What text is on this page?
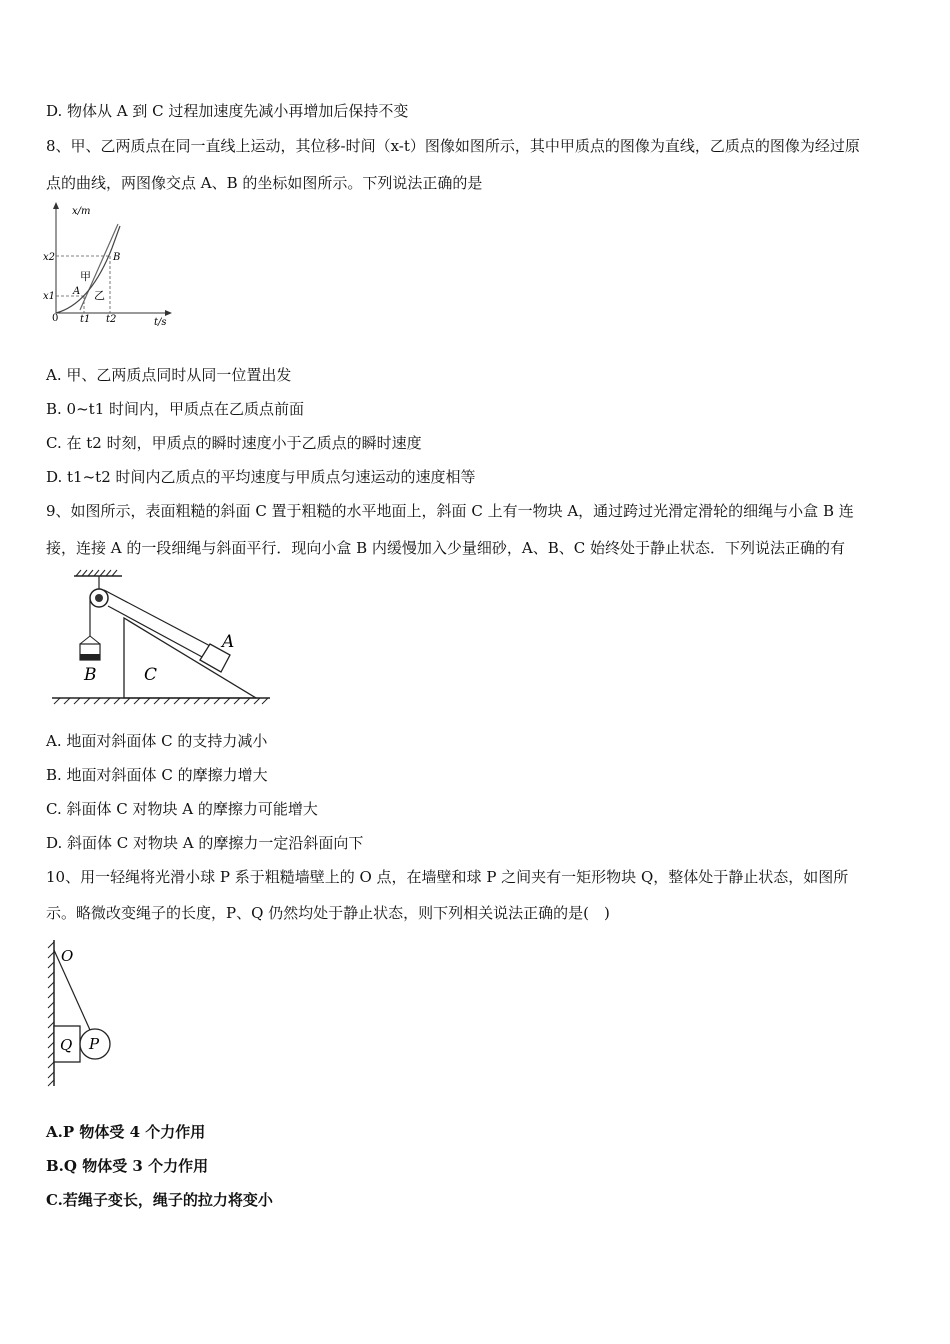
D. 物体从 A 到 C 过程加速度先减小再增加后保持不变
8、甲、乙两质点在同一直线上运动，其位移-时间（x-t）图像如图所示，其中甲质点的图像为直线，乙质点的图像为经过原
点的曲线，两图像交点 A、B 的坐标如图所示。下列说法正确的是
x/m
t/s
x2
x1
0 t1 t2
A
B
甲
乙
A. 甲、乙两质点同时从同一位置出发
B. 0~t1 时间内，甲质点在乙质点前面
C. 在 t2 时刻，甲质点的瞬时速度小于乙质点的瞬时速度
D. t1~t2 时间内乙质点的平均速度与甲质点匀速运动的速度相等
9、如图所示，表面粗糙的斜面 C 置于粗糙的水平地面上，斜面 C 上有一物块 A，通过跨过光滑定滑轮的细绳与小盒 B 连
接，连接 A 的一段细绳与斜面平行．现向小盒 B 内缓慢加入少量细砂，A、B、C 始终处于静止状态．下列说法正确的有
A
B	C
A. 地面对斜面体 C 的支持力减小
B. 地面对斜面体 C 的摩擦力增大
C. 斜面体 C 对物块 A 的摩擦力可能增大
D. 斜面体 C 对物块 A 的摩擦力一定沿斜面向下
10、用一轻绳将光滑小球 P 系于粗糙墙壁上的 O 点，在墙壁和球 P 之间夹有一矩形物块 Q，整体处于静止状态，如图所
示。略微改变绳子的长度，P、Q 仍然均处于静止状态，则下列相关说法正确的是(　)
O
Q P
A.P 物体受 4 个力作用
B.Q 物体受 3 个力作用
C.若绳子变长，绳子的拉力将变小
